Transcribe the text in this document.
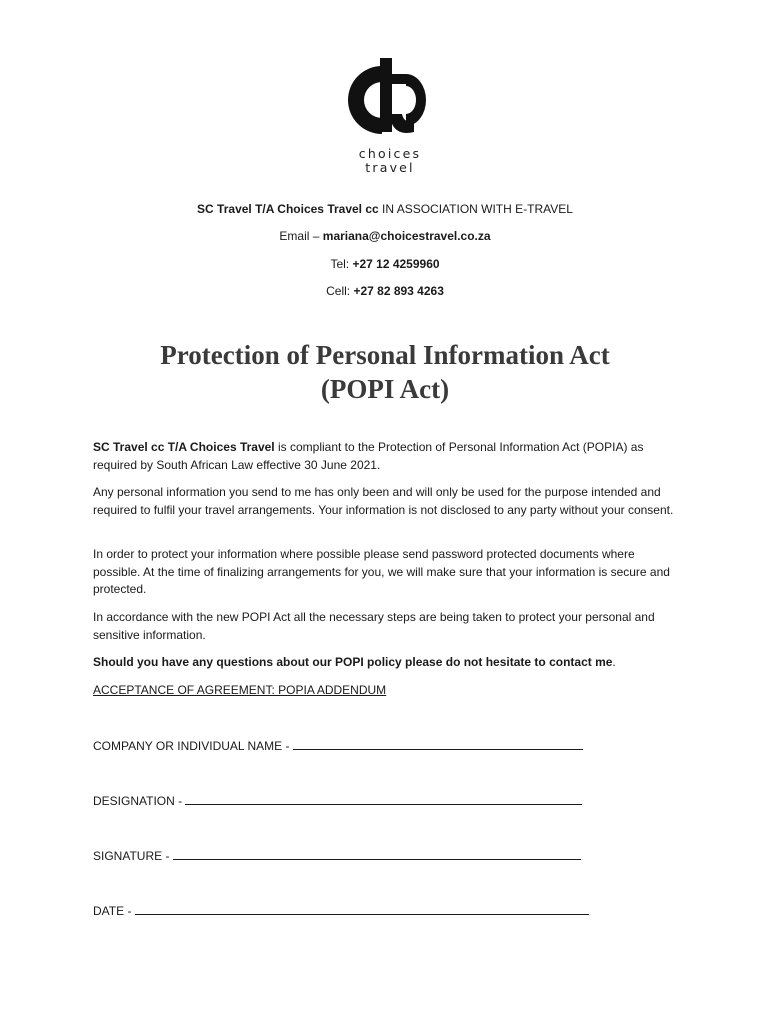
choices
travel
SC Travel T/A Choices Travel cc IN ASSOCIATION WITH E-TRAVEL
Email – mariana@choicestravel.co.za
Tel: +27 12 4259960
Cell: +27 82 893 4263
Protection of Personal Information Act
(POPI Act)
SC Travel cc T/A Choices Travel is compliant to the Protection of Personal Information Act (POPIA) as required by South African Law effective 30 June 2021.
Any personal information you send to me has only been and will only be used for the purpose intended and required to fulfil your travel arrangements. Your information is not disclosed to any party without your consent.
In order to protect your information where possible please send password protected documents where possible. At the time of finalizing arrangements for you, we will make sure that your information is secure and protected.
In accordance with the new POPI Act all the necessary steps are being taken to protect your personal and sensitive information.
Should you have any questions about our POPI policy please do not hesitate to contact me.
ACCEPTANCE OF AGREEMENT: POPIA ADDENDUM
COMPANY OR INDIVIDUAL NAME -
DESIGNATION -
SIGNATURE -
DATE -
